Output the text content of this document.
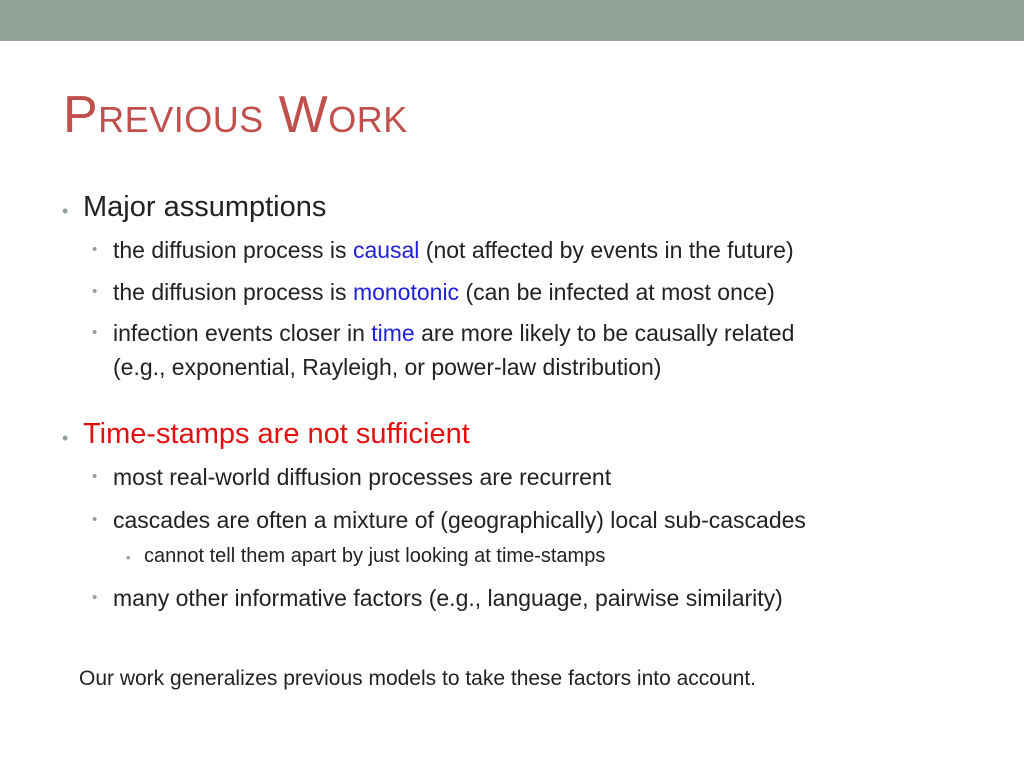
Previous Work
• Major assumptions
• the diffusion process is causal (not affected by events in the future)
• the diffusion process is monotonic (can be infected at most once)
• infection events closer in time are more likely to be causally related
(e.g., exponential, Rayleigh, or power-law distribution)
• Time-stamps are not sufficient
• most real-world diffusion processes are recurrent
• cascades are often a mixture of (geographically) local sub-cascades
• cannot tell them apart by just looking at time-stamps
• many other informative factors (e.g., language, pairwise similarity)
Our work generalizes previous models to take these factors into account.
